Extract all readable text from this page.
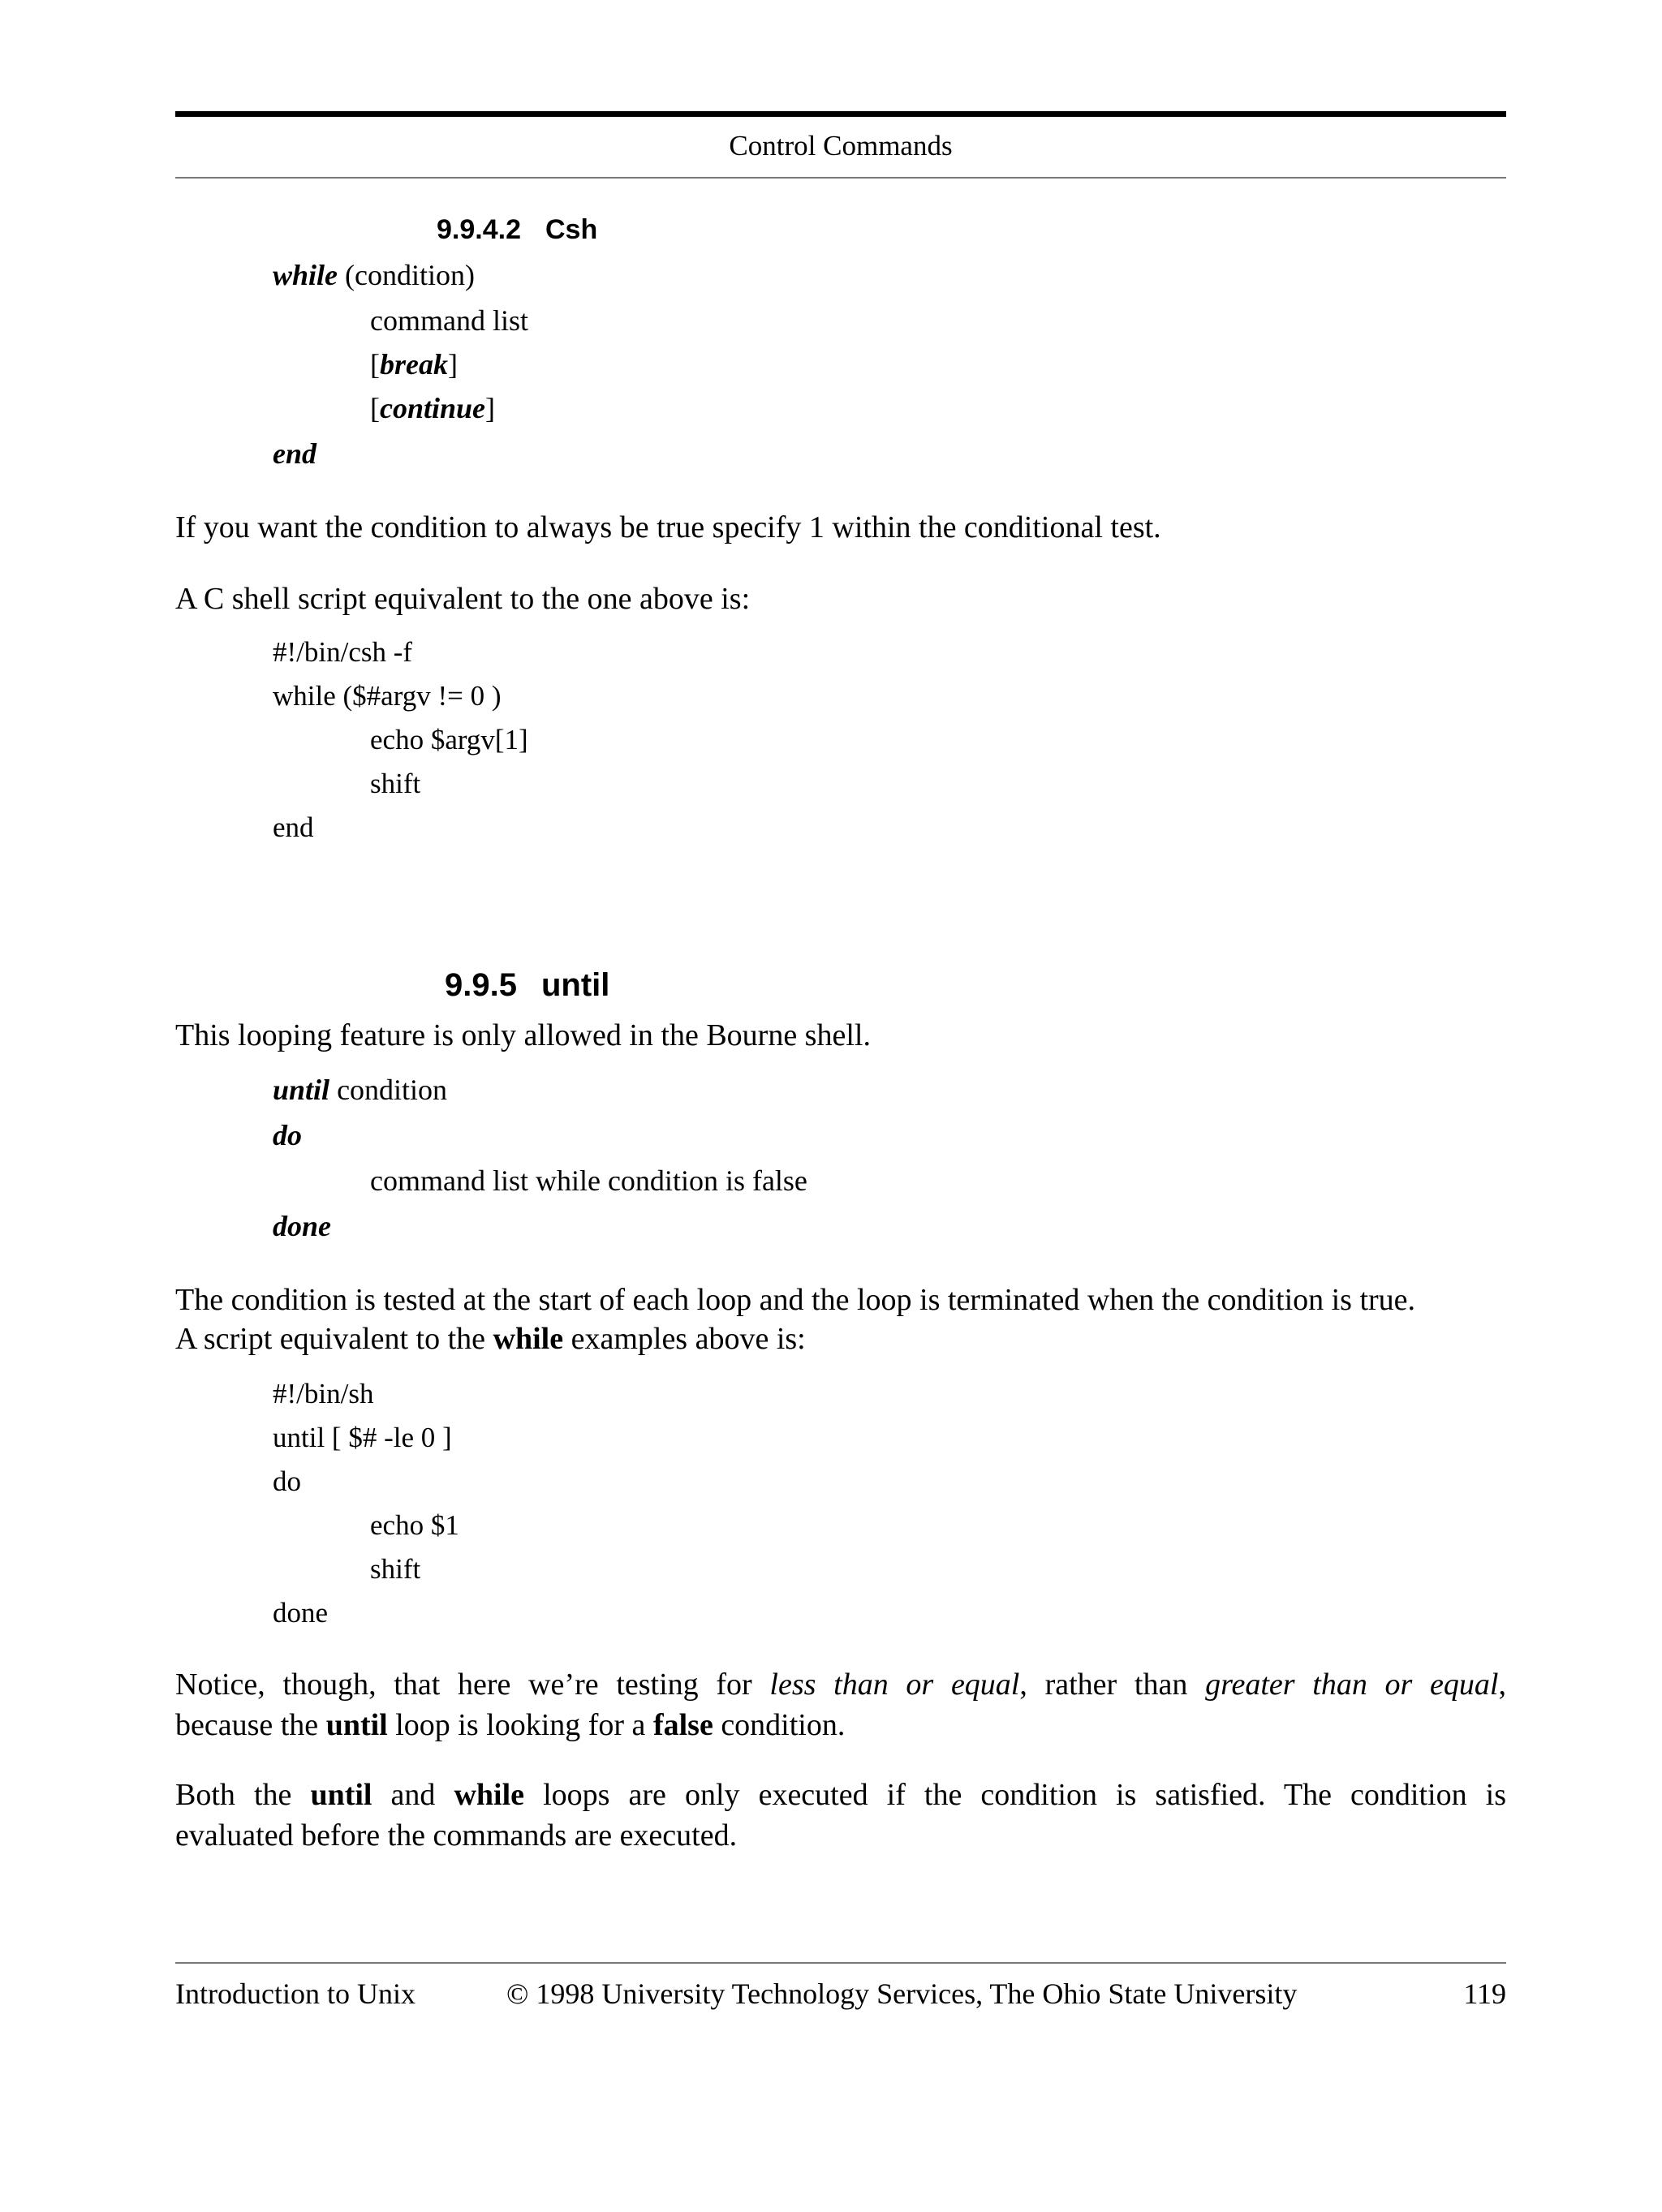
Control Commands
9.9.4.2 Csh
while (condition)
command list
[break]
[continue]
end
If you want the condition to always be true specify 1 within the conditional test.
A C shell script equivalent to the one above is:
#!/bin/csh -f
while ($#argv != 0 )
echo $argv[1]
shift
end
9.9.5 until
This looping feature is only allowed in the Bourne shell.
until condition
do
command list while condition is false
done
The condition is tested at the start of each loop and the loop is terminated when the condition is true.
A script equivalent to the while examples above is:
#!/bin/sh
until [ $# -le 0 ]
do
echo $1
shift
done
Notice, though, that here we’re testing for less than or equal, rather than greater than or equal,
because the until loop is looking for a false condition.
Both the until and while loops are only executed if the condition is satisfied. The condition is
evaluated before the commands are executed.
Introduction to Unix	© 1998 University Technology Services, The Ohio State University	119
